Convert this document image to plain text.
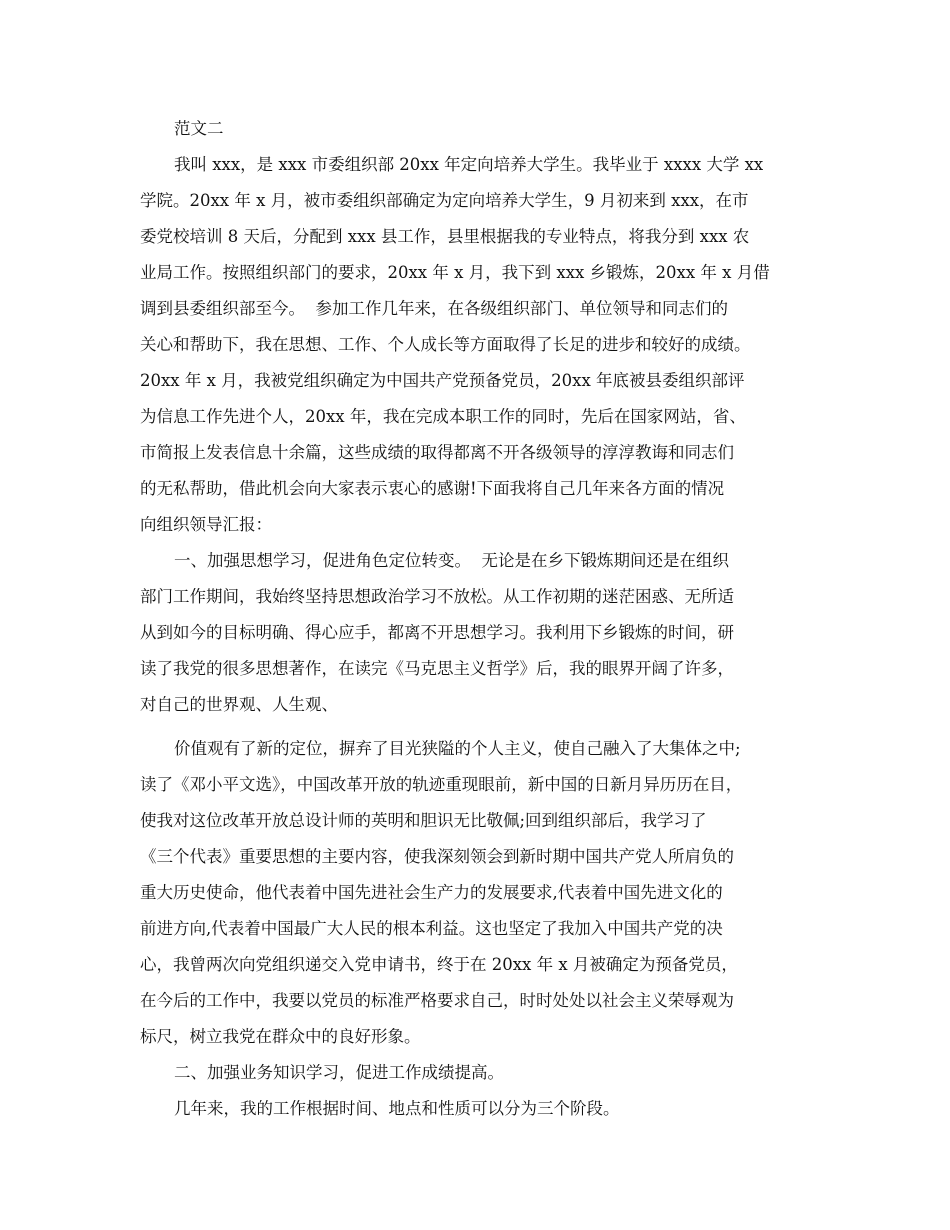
范文二
我叫 xxx，是 xxx 市委组织部 20xx 年定向培养大学生。我毕业于 xxxx 大学 xx
学院。20xx 年 x 月，被市委组织部确定为定向培养大学生，9 月初来到 xxx，在市
委党校培训 8 天后，分配到 xxx 县工作，县里根据我的专业特点，将我分到 xxx 农
业局工作。按照组织部门的要求，20xx 年 x 月，我下到 xxx 乡锻炼，20xx 年 x 月借
调到县委组织部至今。  参加工作几年来，在各级组织部门、单位领导和同志们的
关心和帮助下，我在思想、工作、个人成长等方面取得了长足的进步和较好的成绩。
20xx 年 x 月，我被党组织确定为中国共产党预备党员，20xx 年底被县委组织部评
为信息工作先进个人，20xx 年，我在完成本职工作的同时，先后在国家网站，省、
市简报上发表信息十余篇，这些成绩的取得都离不开各级领导的淳淳教诲和同志们
的无私帮助，借此机会向大家表示衷心的感谢!下面我将自己几年来各方面的情况
向组织领导汇报：
一、加强思想学习，促进角色定位转变。  无论是在乡下锻炼期间还是在组织
部门工作期间，我始终坚持思想政治学习不放松。从工作初期的迷茫困惑、无所适
从到如今的目标明确、得心应手，都离不开思想学习。我利用下乡锻炼的时间，研
读了我党的很多思想著作，在读完《马克思主义哲学》后，我的眼界开阔了许多，
对自己的世界观、人生观、
价值观有了新的定位，摒弃了目光狭隘的个人主义，使自己融入了大集体之中;
读了《邓小平文选》，中国改革开放的轨迹重现眼前，新中国的日新月异历历在目，
使我对这位改革开放总设计师的英明和胆识无比敬佩;回到组织部后，我学习了
《三个代表》重要思想的主要内容，使我深刻领会到新时期中国共产党人所肩负的
重大历史使命，他代表着中国先进社会生产力的发展要求,代表着中国先进文化的
前进方向,代表着中国最广大人民的根本利益。这也坚定了我加入中国共产党的决
心，我曾两次向党组织递交入党申请书，终于在 20xx 年 x 月被确定为预备党员，
在今后的工作中，我要以党员的标准严格要求自己，时时处处以社会主义荣辱观为
标尺，树立我党在群众中的良好形象。
二、加强业务知识学习，促进工作成绩提高。
几年来，我的工作根据时间、地点和性质可以分为三个阶段。
